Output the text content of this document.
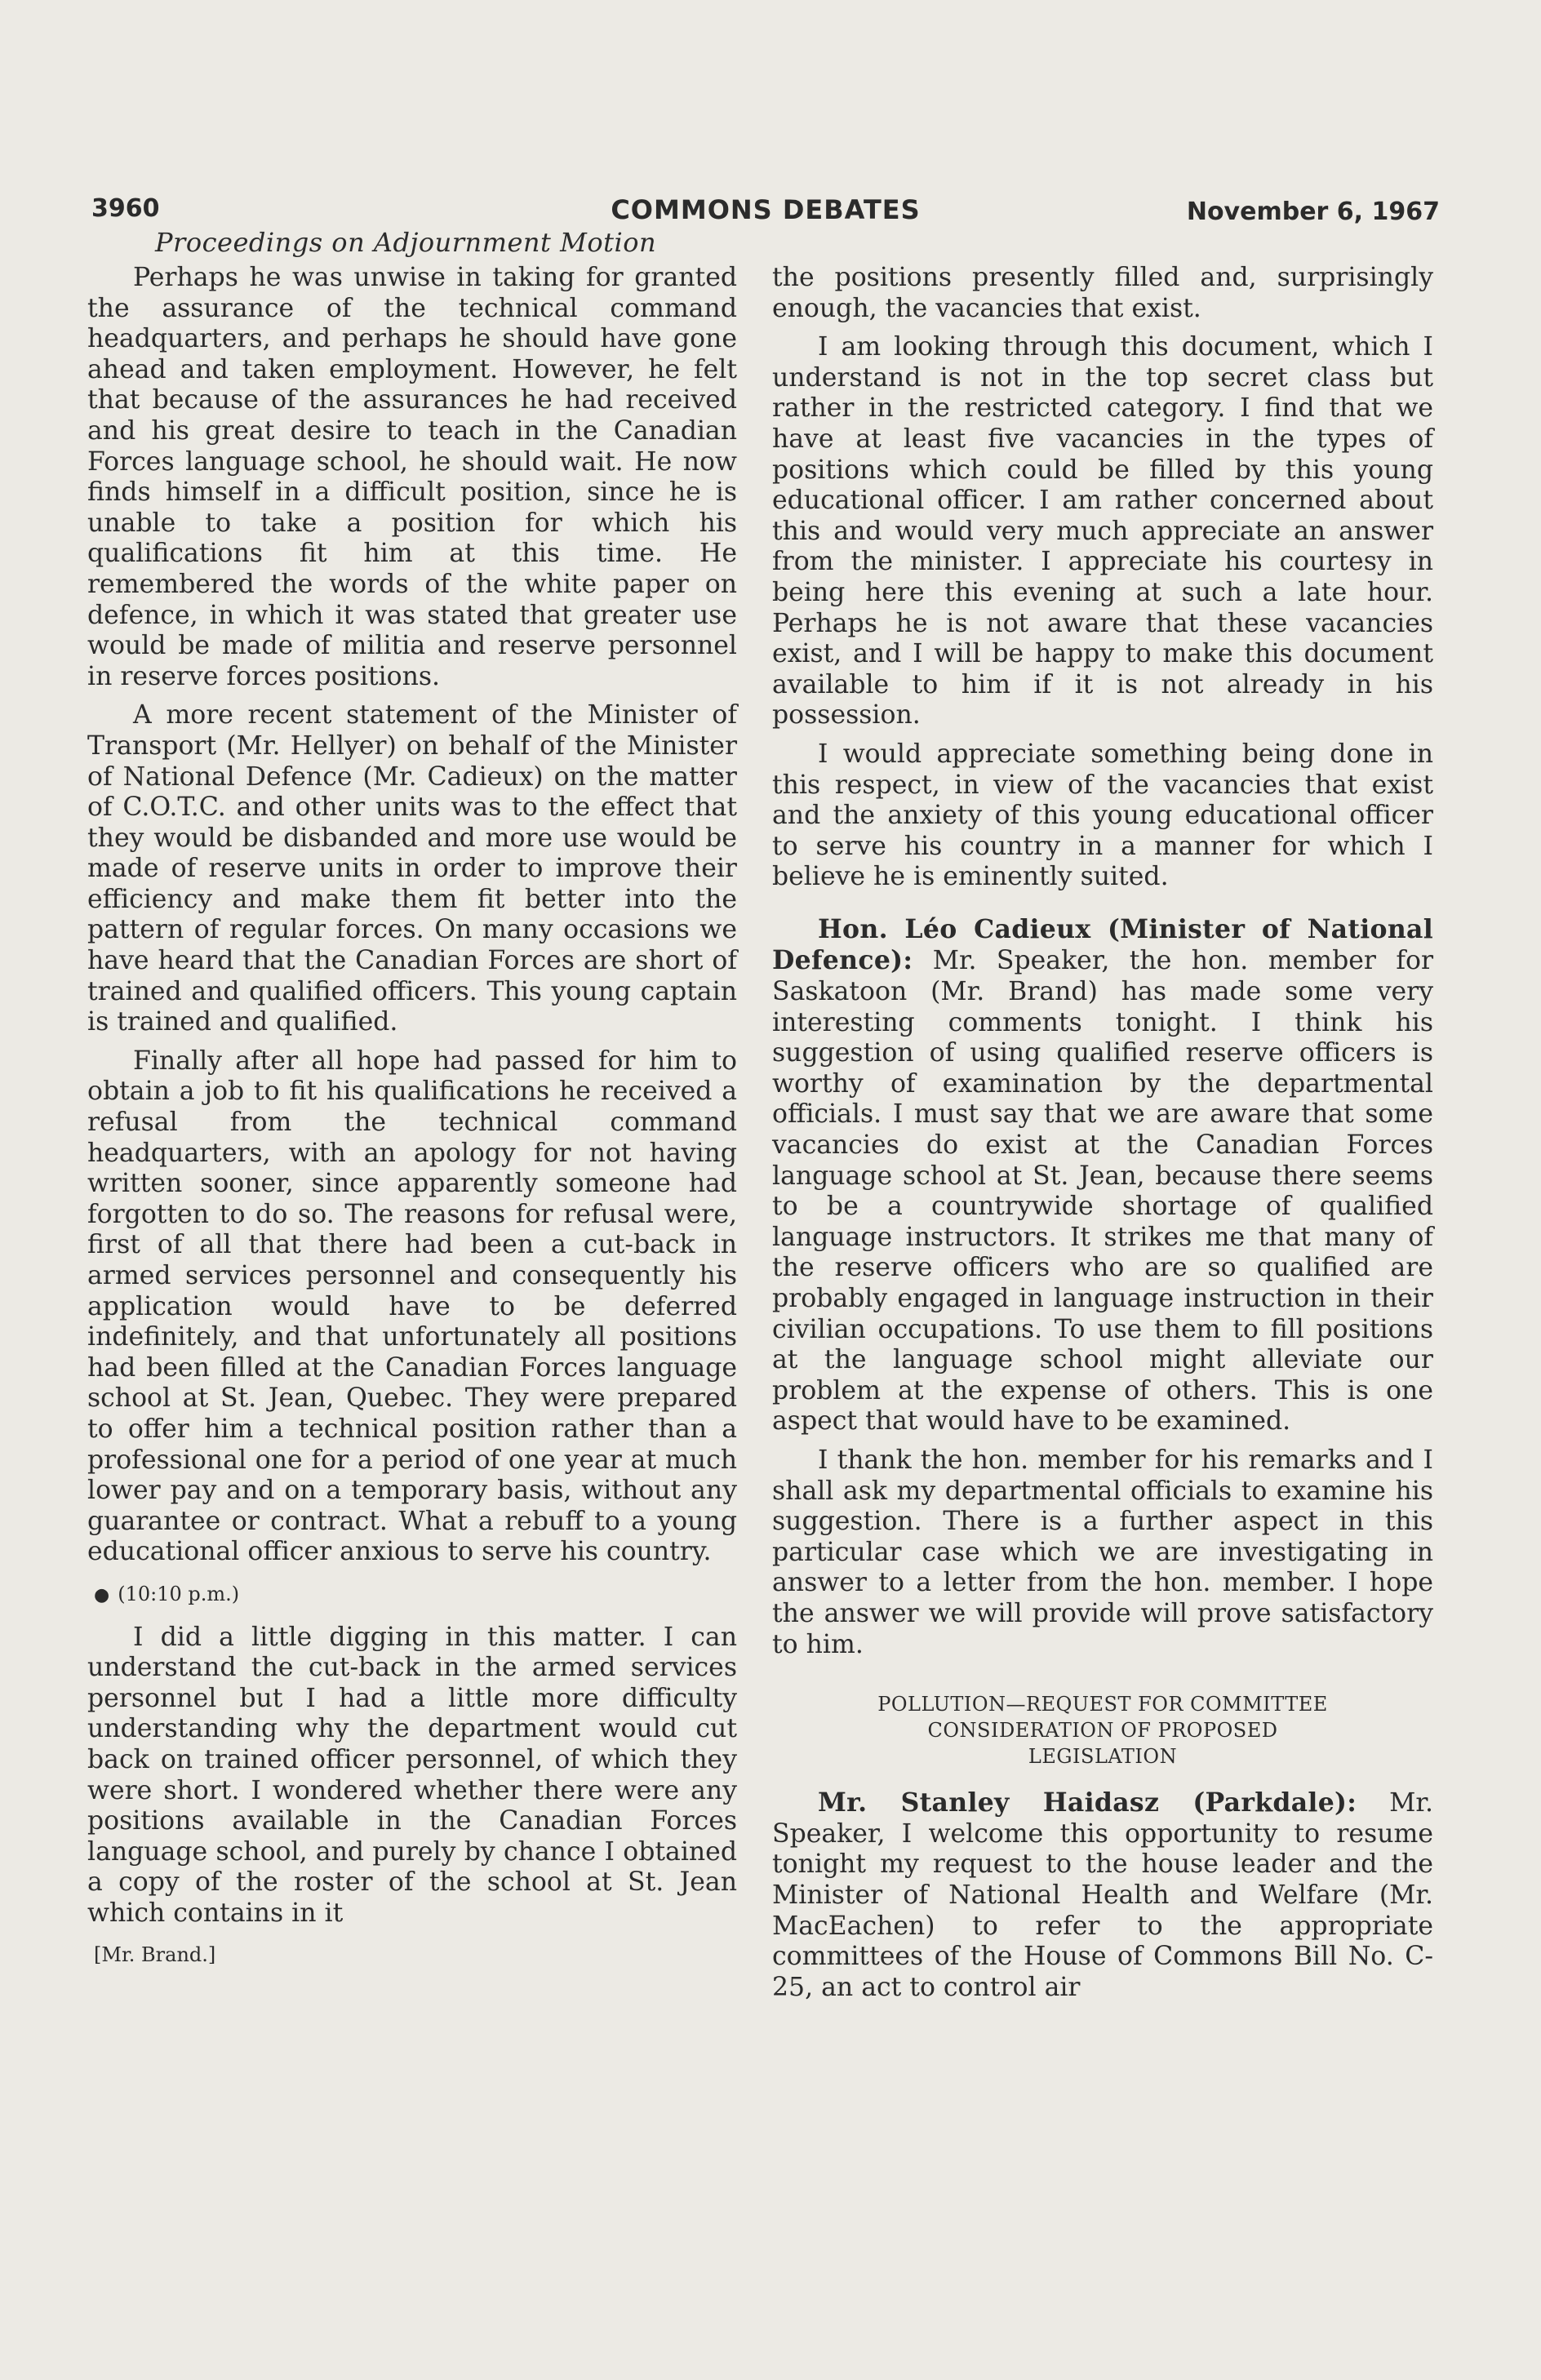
3960	COMMONS DEBATES	November 6, 1967
Proceedings on Adjournment Motion

Perhaps he was unwise in taking for granted the assurance of the technical command headquarters, and perhaps he should have gone ahead and taken employment. However, he felt that because of the assurances he had received and his great desire to teach in the Canadian Forces language school, he should wait. He now finds himself in a difficult position, since he is unable to take a position for which his qualifications fit him at this time. He remembered the words of the white paper on defence, in which it was stated that greater use would be made of militia and reserve personnel in reserve forces positions.

A more recent statement of the Minister of Transport (Mr. Hellyer) on behalf of the Minister of National Defence (Mr. Cadieux) on the matter of C.O.T.C. and other units was to the effect that they would be disbanded and more use would be made of reserve units in order to improve their efficiency and make them fit better into the pattern of regular forces. On many occasions we have heard that the Canadian Forces are short of trained and qualified officers. This young captain is trained and qualified.

Finally after all hope had passed for him to obtain a job to fit his qualifications he received a refusal from the technical command headquarters, with an apology for not having written sooner, since apparently someone had forgotten to do so. The reasons for refusal were, first of all that there had been a cut-back in armed services personnel and consequently his application would have to be deferred indefinitely, and that unfortunately all positions had been filled at the Canadian Forces language school at St. Jean, Quebec. They were prepared to offer him a technical position rather than a professional one for a period of one year at much lower pay and on a temporary basis, without any guarantee or contract. What a rebuff to a young educational officer anxious to serve his country.

● (10:10 p.m.)

I did a little digging in this matter. I can understand the cut-back in the armed services personnel but I had a little more difficulty understanding why the department would cut back on trained officer personnel, of which they were short. I wondered whether there were any positions available in the Canadian Forces language school, and purely by chance I obtained a copy of the roster of the school at St. Jean which contains in it

[Mr. Brand.]

the positions presently filled and, surprisingly enough, the vacancies that exist.

I am looking through this document, which I understand is not in the top secret class but rather in the restricted category. I find that we have at least five vacancies in the types of positions which could be filled by this young educational officer. I am rather concerned about this and would very much appreciate an answer from the minister. I appreciate his courtesy in being here this evening at such a late hour. Perhaps he is not aware that these vacancies exist, and I will be happy to make this document available to him if it is not already in his possession.

I would appreciate something being done in this respect, in view of the vacancies that exist and the anxiety of this young educational officer to serve his country in a manner for which I believe he is eminently suited.

Hon. Léo Cadieux (Minister of National Defence): Mr. Speaker, the hon. member for Saskatoon (Mr. Brand) has made some very interesting comments tonight. I think his suggestion of using qualified reserve officers is worthy of examination by the departmental officials. I must say that we are aware that some vacancies do exist at the Canadian Forces language school at St. Jean, because there seems to be a countrywide shortage of qualified language instructors. It strikes me that many of the reserve officers who are so qualified are probably engaged in language instruction in their civilian occupations. To use them to fill positions at the language school might alleviate our problem at the expense of others. This is one aspect that would have to be examined.

I thank the hon. member for his remarks and I shall ask my departmental officials to examine his suggestion. There is a further aspect in this particular case which we are investigating in answer to a letter from the hon. member. I hope the answer we will provide will prove satisfactory to him.

POLLUTION—REQUEST FOR COMMITTEE
CONSIDERATION OF PROPOSED
LEGISLATION

Mr. Stanley Haidasz (Parkdale): Mr. Speaker, I welcome this opportunity to resume tonight my request to the house leader and the Minister of National Health and Welfare (Mr. MacEachen) to refer to the appropriate committees of the House of Commons Bill No. C-25, an act to control air
